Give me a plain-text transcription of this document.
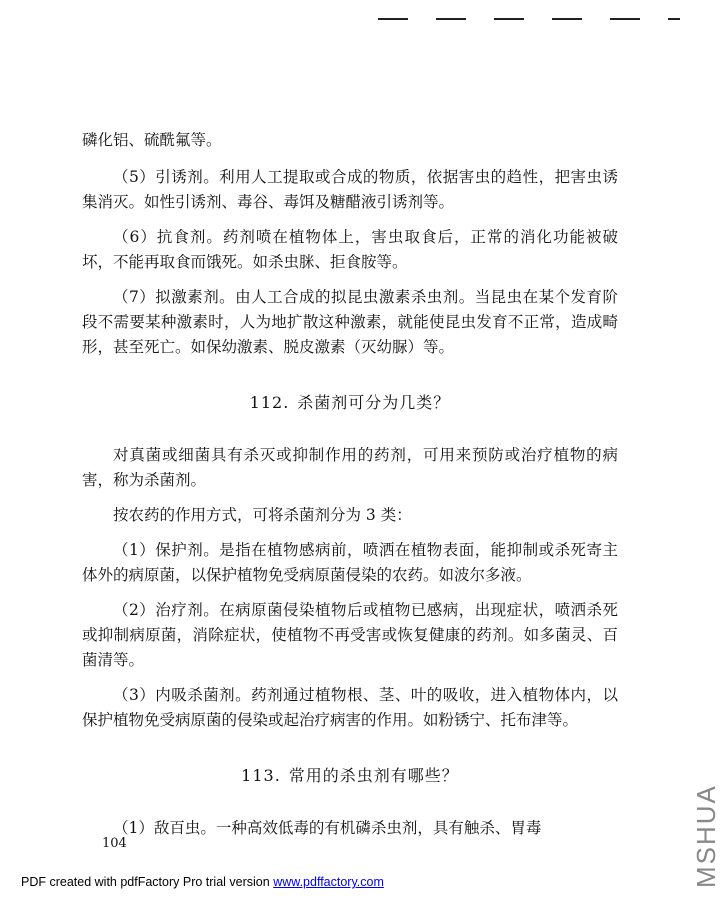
磷化铝、硫酰氟等。

（5）引诱剂。利用人工提取或合成的物质，依据害虫的趋性，把害虫诱集消灭。如性引诱剂、毒谷、毒饵及糖醋液引诱剂等。

（6）抗食剂。药剂喷在植物体上，害虫取食后，正常的消化功能被破坏，不能再取食而饿死。如杀虫脒、拒食胺等。

（7）拟激素剂。由人工合成的拟昆虫激素杀虫剂。当昆虫在某个发育阶段不需要某种激素时，人为地扩散这种激素，就能使昆虫发育不正常，造成畸形，甚至死亡。如保幼激素、脱皮激素（灭幼脲）等。

112. 杀菌剂可分为几类？

对真菌或细菌具有杀灭或抑制作用的药剂，可用来预防或治疗植物的病害，称为杀菌剂。

按农药的作用方式，可将杀菌剂分为 3 类：

（1）保护剂。是指在植物感病前，喷洒在植物表面，能抑制或杀死寄主体外的病原菌，以保护植物免受病原菌侵染的农药。如波尔多液。

（2）治疗剂。在病原菌侵染植物后或植物已感病，出现症状，喷洒杀死或抑制病原菌，消除症状，使植物不再受害或恢复健康的药剂。如多菌灵、百菌清等。

（3）内吸杀菌剂。药剂通过植物根、茎、叶的吸收，进入植物体内，以保护植物免受病原菌的侵染或起治疗病害的作用。如粉锈宁、托布津等。

113. 常用的杀虫剂有哪些？

（1）敌百虫。一种高效低毒的有机磷杀虫剂，具有触杀、胃毒

104
PDF created with pdfFactory Pro trial version www.pdffactory.com	MSHUA
